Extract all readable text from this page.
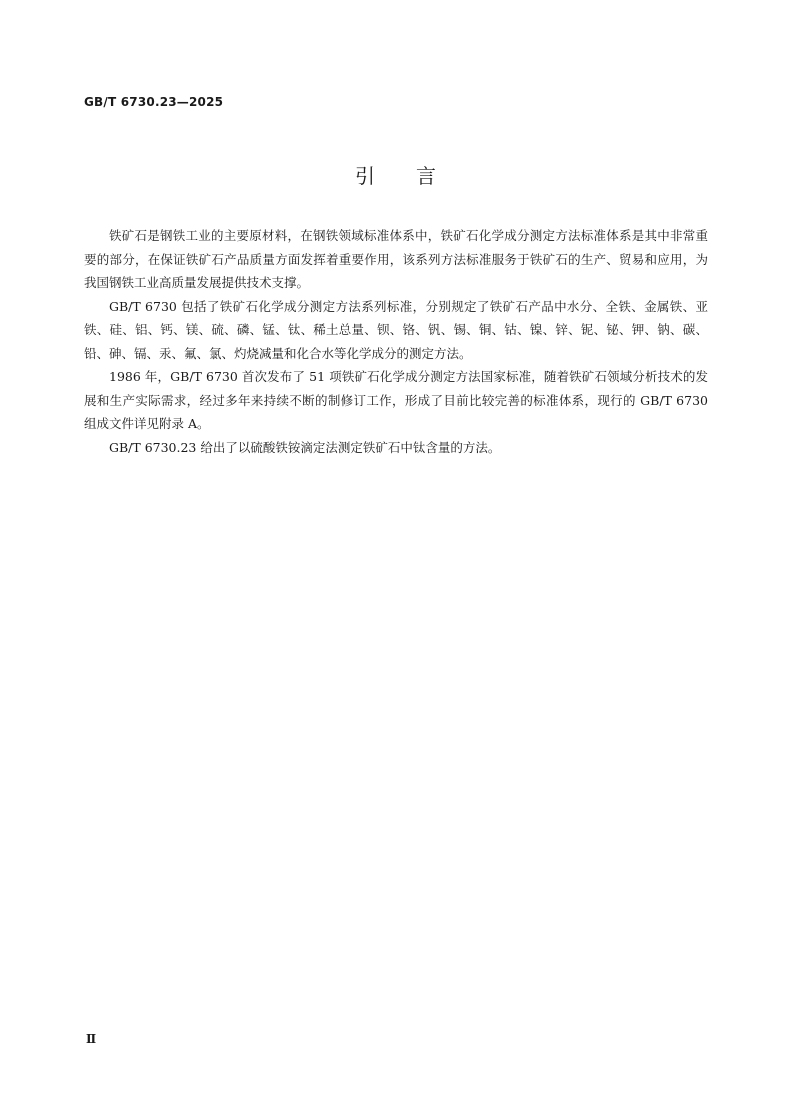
GB/T 6730.23—2025
引 言

铁矿石是钢铁工业的主要原材料，在钢铁领域标准体系中，铁矿石化学成分测定方法标准体系是其中非常重要的部分，在保证铁矿石产品质量方面发挥着重要作用，该系列方法标准服务于铁矿石的生产、贸易和应用，为我国钢铁工业高质量发展提供技术支撑。

GB/T 6730 包括了铁矿石化学成分测定方法系列标准，分别规定了铁矿石产品中水分、全铁、金属铁、亚铁、硅、铝、钙、镁、硫、磷、锰、钛、稀土总量、钡、铬、钒、锡、铜、钴、镍、锌、铌、铋、钾、钠、碳、铅、砷、镉、汞、氟、氯、灼烧减量和化合水等化学成分的测定方法。

1986 年，GB/T 6730 首次发布了 51 项铁矿石化学成分测定方法国家标准，随着铁矿石领域分析技术的发展和生产实际需求，经过多年来持续不断的制修订工作，形成了目前比较完善的标准体系，现行的 GB/T 6730 组成文件详见附录 A。

GB/T 6730.23 给出了以硫酸铁铵滴定法测定铁矿石中钛含量的方法。

Ⅱ
